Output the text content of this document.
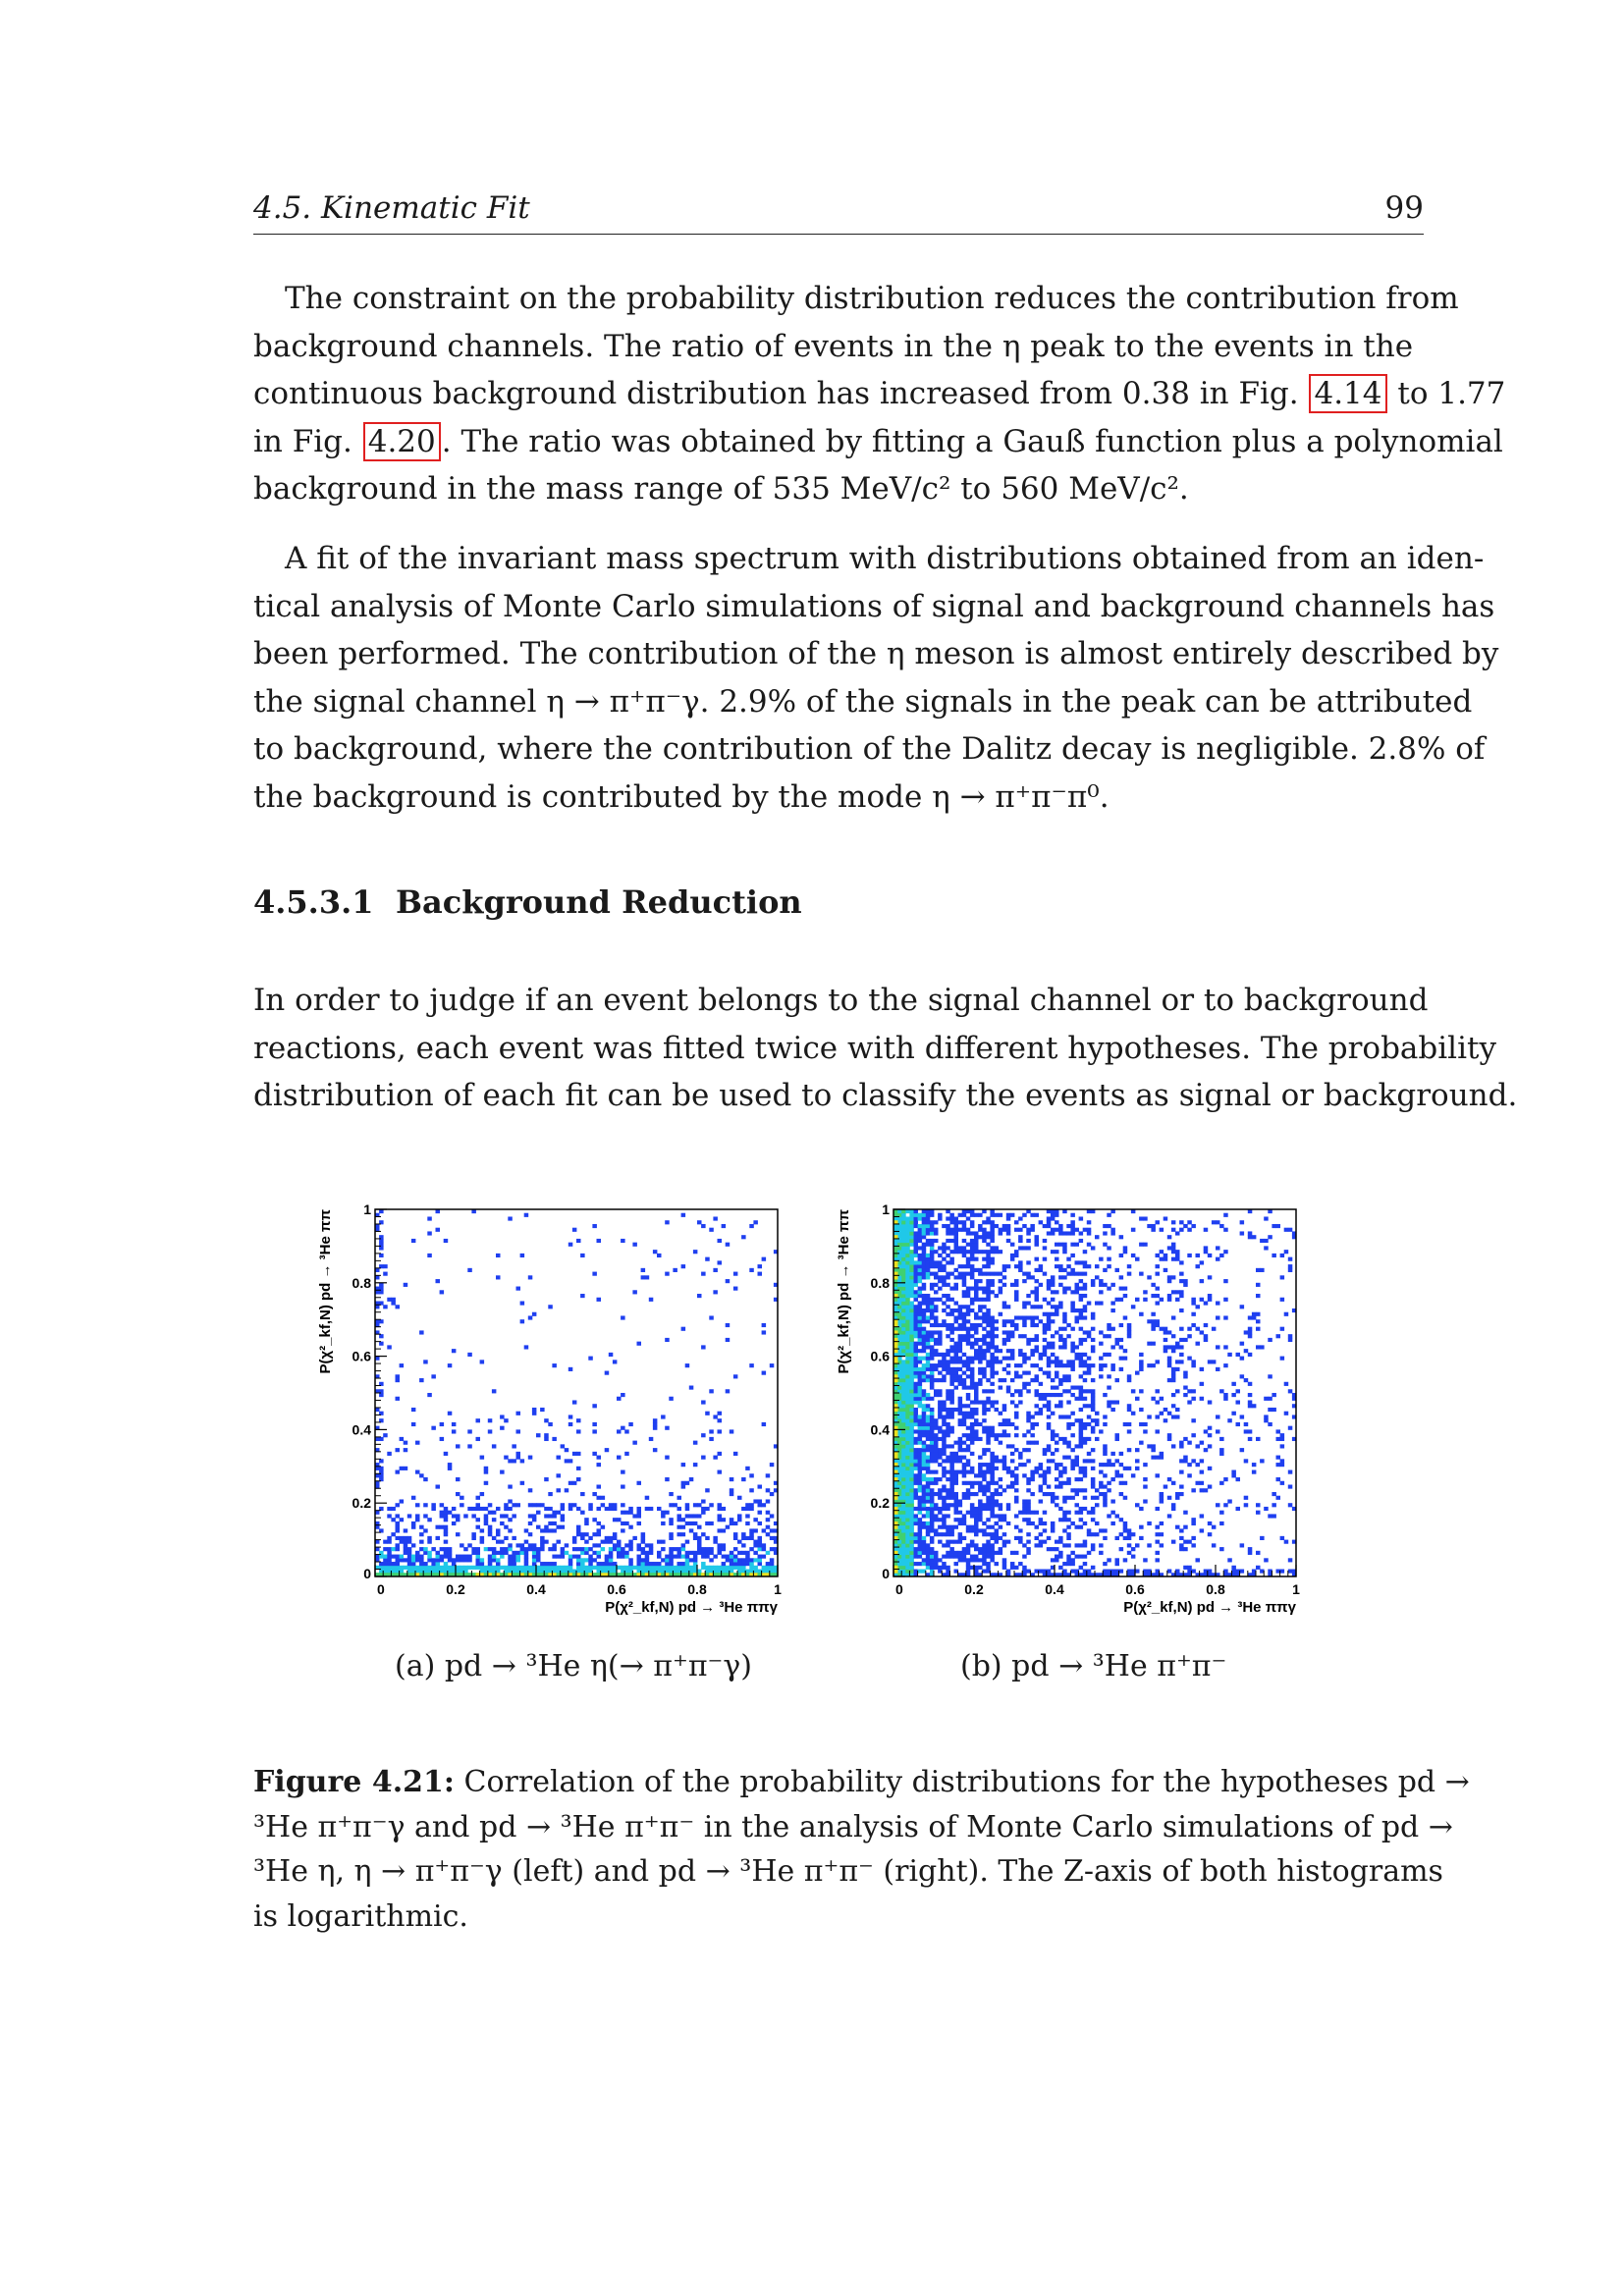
4.5. Kinematic Fit	99
The constraint on the probability distribution reduces the contribution from
background channels. The ratio of events in the η peak to the events in the
continuous background distribution has increased from 0.38 in Fig. 4.14 to 1.77
in Fig. 4.20 . The ratio was obtained by fitting a Gauß function plus a polynomial
background in the mass range of 535 MeV/c² to 560 MeV/c².
A fit of the invariant mass spectrum with distributions obtained from an iden-
tical analysis of Monte Carlo simulations of signal and background channels has
been performed. The contribution of the η meson is almost entirely described by
the signal channel η → π⁺π⁻γ. 2.9% of the signals in the peak can be attributed
to background, where the contribution of the Dalitz decay is negligible. 2.8% of
the background is contributed by the mode η → π⁺π⁻π⁰.
4.5.3.1 Background Reduction
In order to judge if an event belongs to the signal channel or to background
reactions, each event was fitted twice with different hypotheses. The probability
distribution of each fit can be used to classify the events as signal or background.
0
0
0.2
0.2
0.4
0.4
0.6
0.6
0.8
0.8
1
1
P(χ²_kf,N) pd → ³He ππγ
P(χ²_kf,N) pd → ³He ππ
0
0
0.2
0.2
0.4
0.4
0.6
0.6
0.8
0.8
1
1
P(χ²_kf,N) pd → ³He ππγ
P(χ²_kf,N) pd → ³He ππ
(a) pd → ³He η(→ π⁺π⁻γ)	(b) pd → ³He π⁺π⁻
Figure 4.21: Correlation of the probability distributions for the hypotheses pd →
³He π⁺π⁻γ and pd → ³He π⁺π⁻ in the analysis of Monte Carlo simulations of pd →
³He η, η → π⁺π⁻γ (left) and pd → ³He π⁺π⁻ (right). The Z-axis of both histograms
is logarithmic.
